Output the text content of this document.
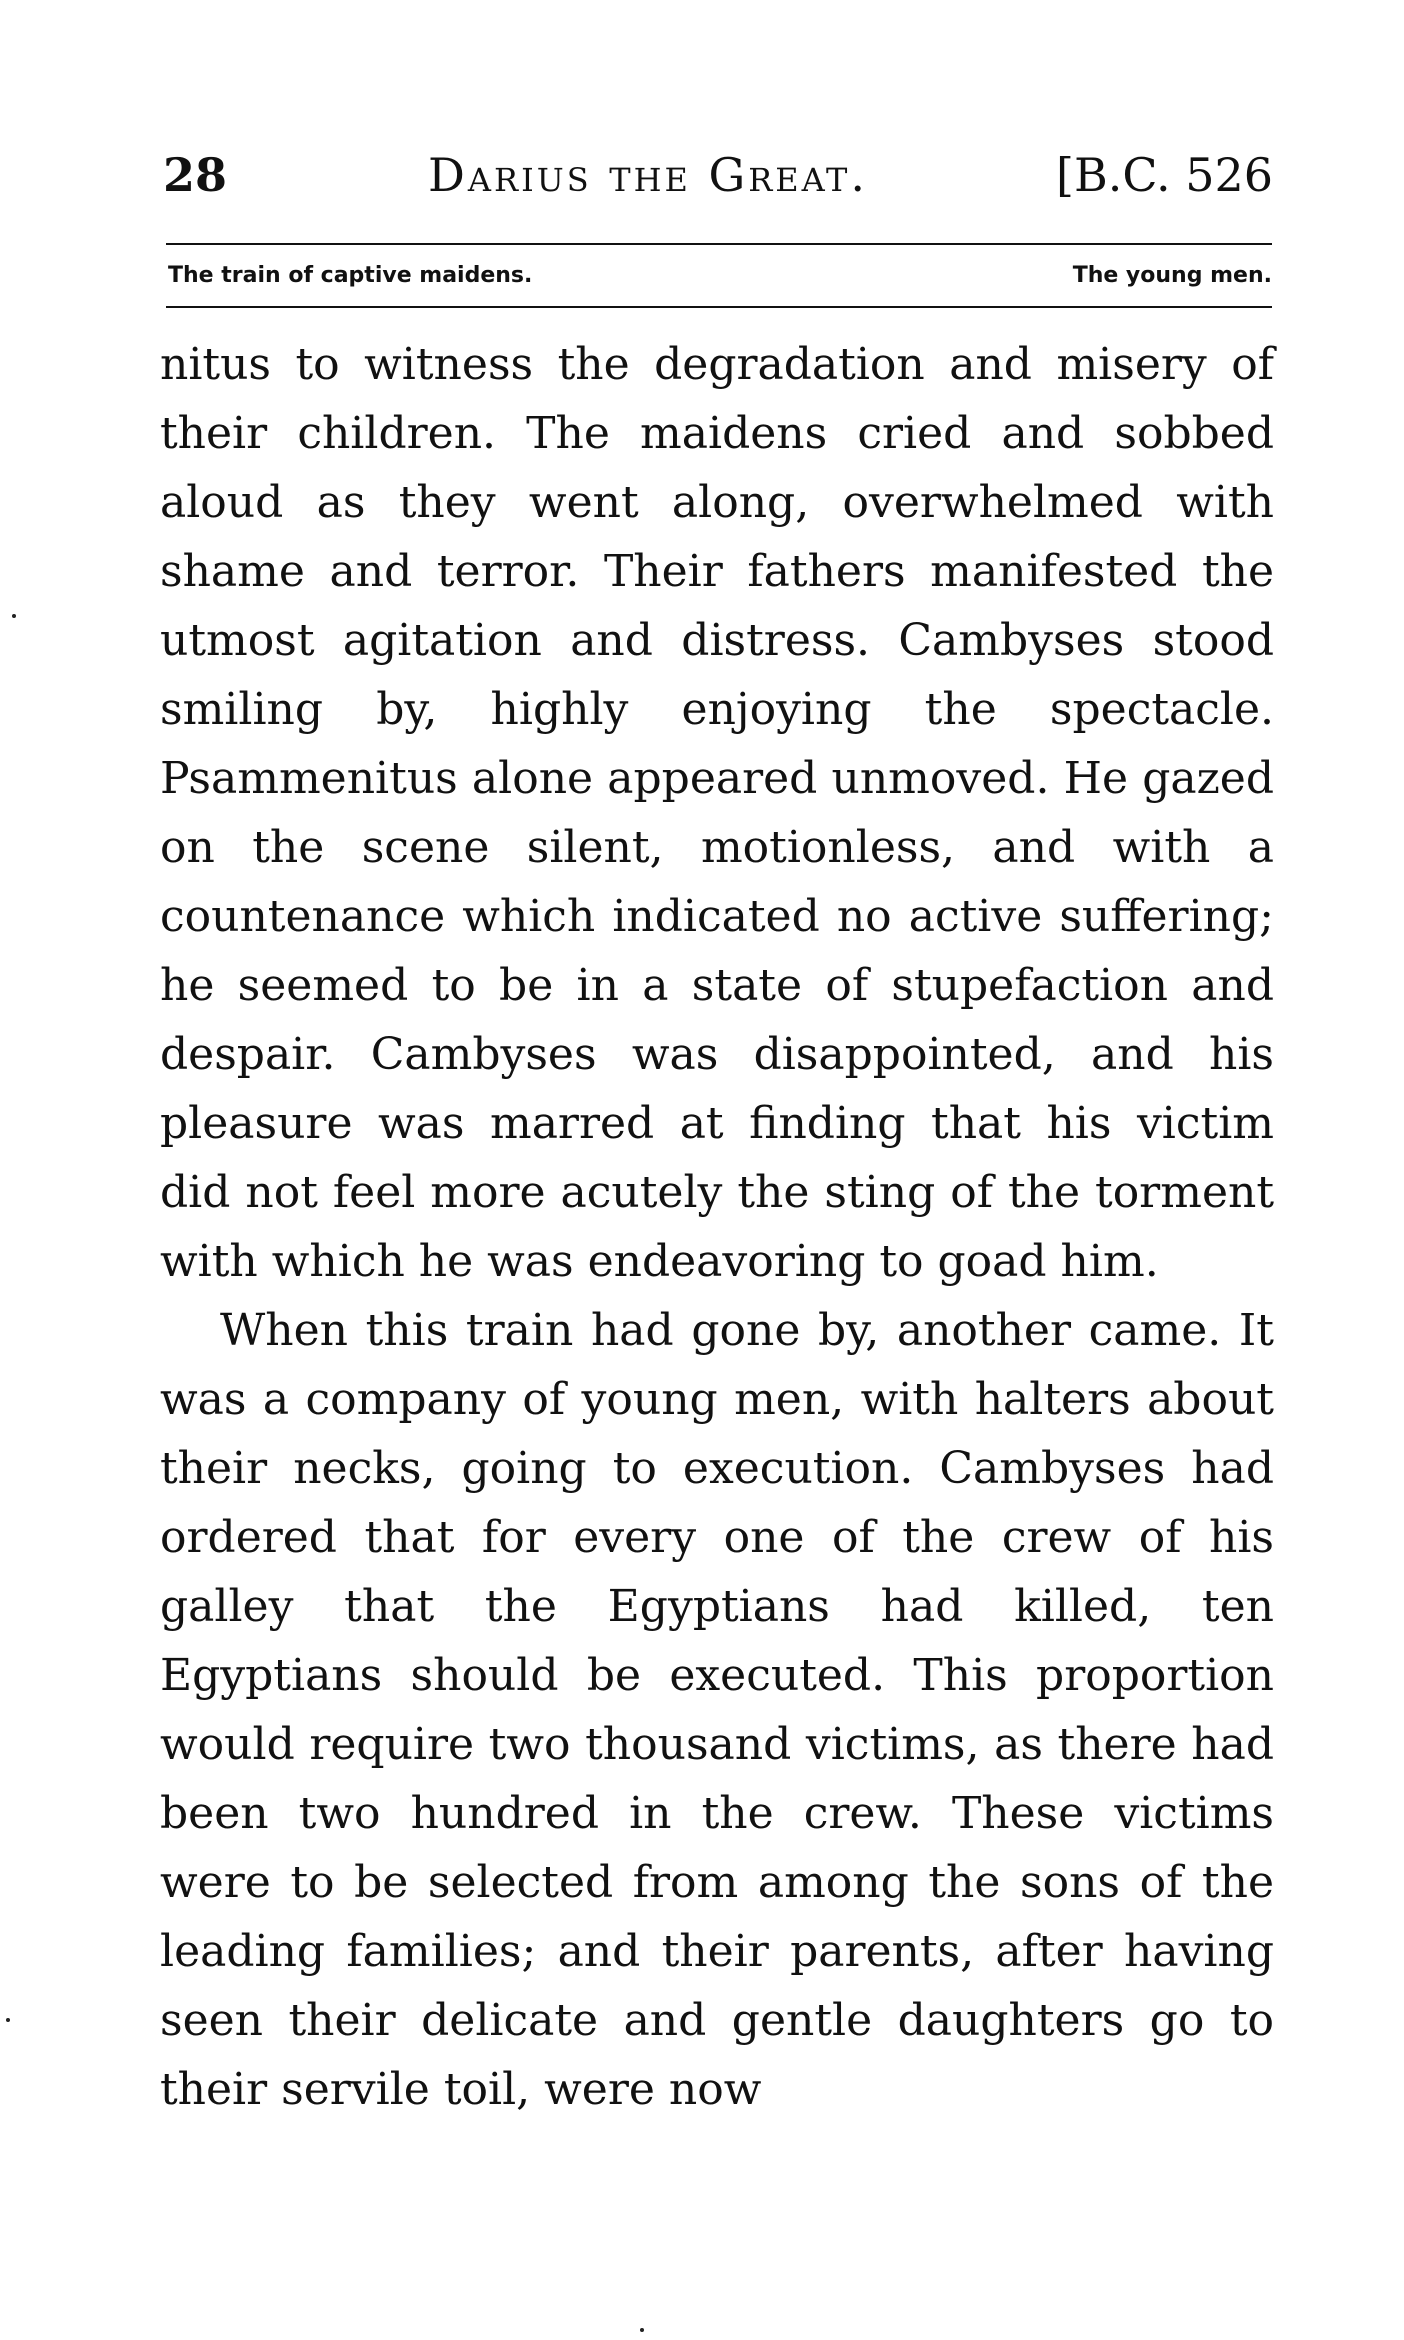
28	Darius the Great.	[B.C. 526
The train of captive maidens.	The young men.

nitus to witness the degradation and misery of their children. The maidens cried and sobbed aloud as they went along, overwhelmed with shame and terror. Their fathers manifested the utmost agitation and distress. Cambyses stood smiling by, highly enjoying the spectacle. Psammenitus alone appeared unmoved. He gazed on the scene silent, motionless, and with a countenance which indicated no active suffering; he seemed to be in a state of stupefaction and despair. Cambyses was disappointed, and his pleasure was marred at finding that his victim did not feel more acutely the sting of the torment with which he was endeavoring to goad him.

When this train had gone by, another came. It was a company of young men, with halters about their necks, going to execution. Cambyses had ordered that for every one of the crew of his galley that the Egyptians had killed, ten Egyptians should be executed. This proportion would require two thousand victims, as there had been two hundred in the crew. These victims were to be selected from among the sons of the leading families; and their parents, after having seen their delicate and gentle daughters go to their servile toil, were now
